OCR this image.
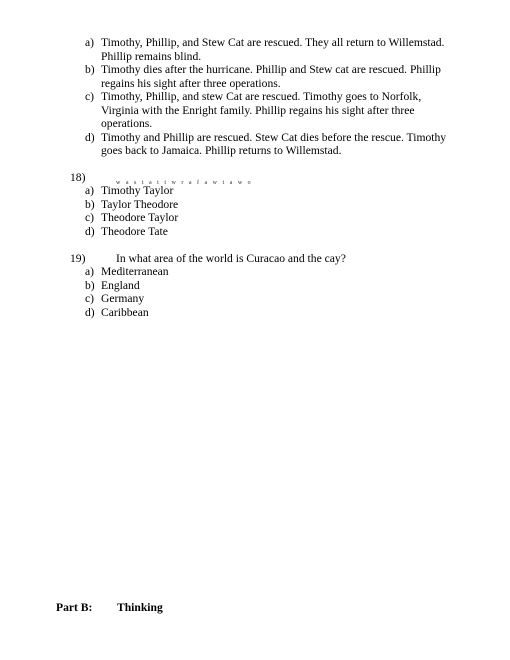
a) Timothy, Phillip, and Stew Cat are rescued. They all return to Willemstad. Phillip remains blind.
b) Timothy dies after the hurricane. Phillip and Stew cat are rescued. Phillip regains his sight after three operations.
c) Timothy, Phillip, and stew Cat are rescued. Timothy goes to Norfolk, Virginia with the Enright family. Phillip regains his sight after three operations.
d) Timothy and Phillip are rescued. Stew Cat dies before the rescue. Timothy goes back to Jamaica. Phillip returns to Willemstad.
18)	w a s t a t t w r a f a w t a w o
a) Timothy Taylor
b) Taylor Theodore
c) Theodore Taylor
d) Theodore Tate
19)	In what area of the world is Curacao and the cay?
a) Mediterranean
b) England
c) Germany
d) Caribbean
Part B: Thinking
